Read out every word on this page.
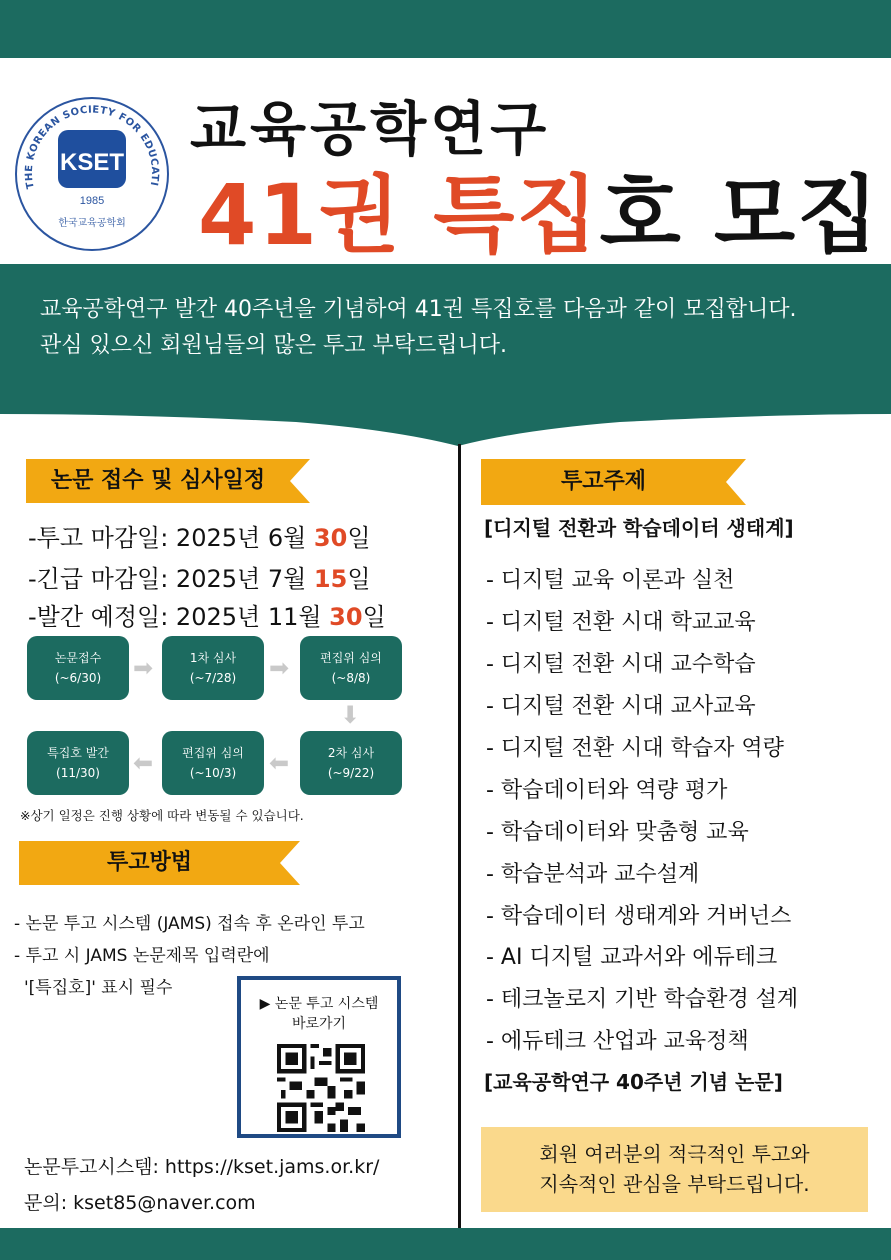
THE KOREAN SOCIETY FOR EDUCATI
KSET
1985
한국교육공학회
교육공학연구
41권 특집호 모집
교육공학연구 발간 40주년을 기념하여 41권 특집호를 다음과 같이 모집합니다.
관심 있으신 회원님들의 많은 투고 부탁드립니다.
논문 접수 및 심사일정
-투고 마감일: 2025년 6월 30일
-긴급 마감일: 2025년 7월 15일
-발간 예정일: 2025년 11월 30일
논문접수
(~6/30)	➡	1차 심사
(~7/28)	➡	편집위 심의
(~8/8)
⬇
2차 심사
(~9/22)
⬅
편집위 심의
(~10/3)
⬅
특집호 발간
(11/30)
※상기 일정은 진행 상황에 따라 변동될 수 있습니다.
투고방법
- 논문 투고 시스템 (JAMS) 접속 후 온라인 투고
- 투고 시 JAMS 논문제목 입력란에
'[특집호]' 표시 필수
▶ 논문 투고 시스템
바로가기
논문투고시스템: https://kset.jams.or.kr/
문의: kset85@naver.com
투고주제
[디지털 전환과 학습데이터 생태계]
- 디지털 교육 이론과 실천
- 디지털 전환 시대 학교교육
- 디지털 전환 시대 교수학습
- 디지털 전환 시대 교사교육
- 디지털 전환 시대 학습자 역량
- 학습데이터와 역량 평가
- 학습데이터와 맞춤형 교육
- 학습분석과 교수설계
- 학습데이터 생태계와 거버넌스
- AI 디지털 교과서와 에듀테크
- 테크놀로지 기반 학습환경 설계
- 에듀테크 산업과 교육정책
[교육공학연구 40주년 기념 논문]
회원 여러분의 적극적인 투고와
지속적인 관심을 부탁드립니다.
